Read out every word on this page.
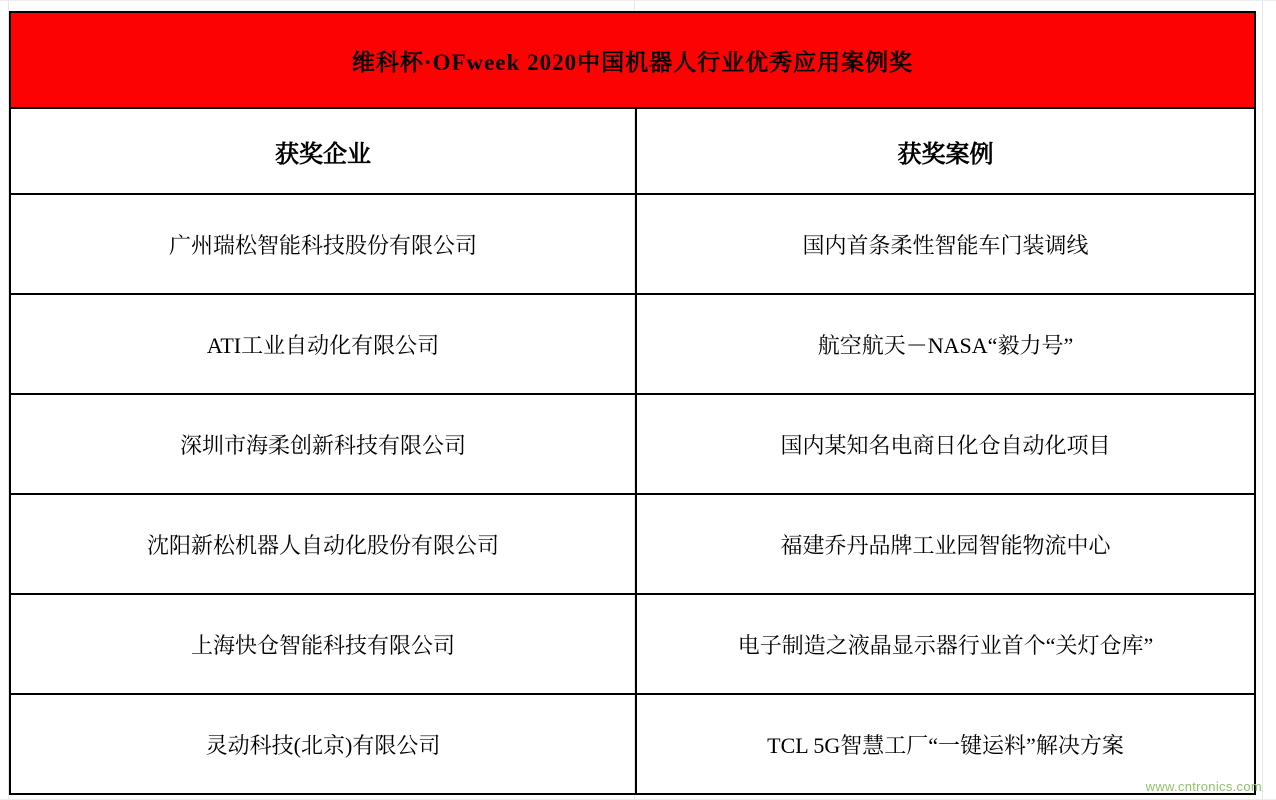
维科杯·OFweek 2020中国机器人行业优秀应用案例奖	
获奖企业	获奖案例
广州瑞松智能科技股份有限公司	国内首条柔性智能车门装调线
ATI工业自动化有限公司	航空航天－NASA“毅力号”
深圳市海柔创新科技有限公司	国内某知名电商日化仓自动化项目
沈阳新松机器人自动化股份有限公司	福建乔丹品牌工业园智能物流中心
上海快仓智能科技有限公司	电子制造之液晶显示器行业首个“关灯仓库”
灵动科技(北京)有限公司	TCL 5G智慧工厂“一键运料”解决方案
www.cntronics.com
